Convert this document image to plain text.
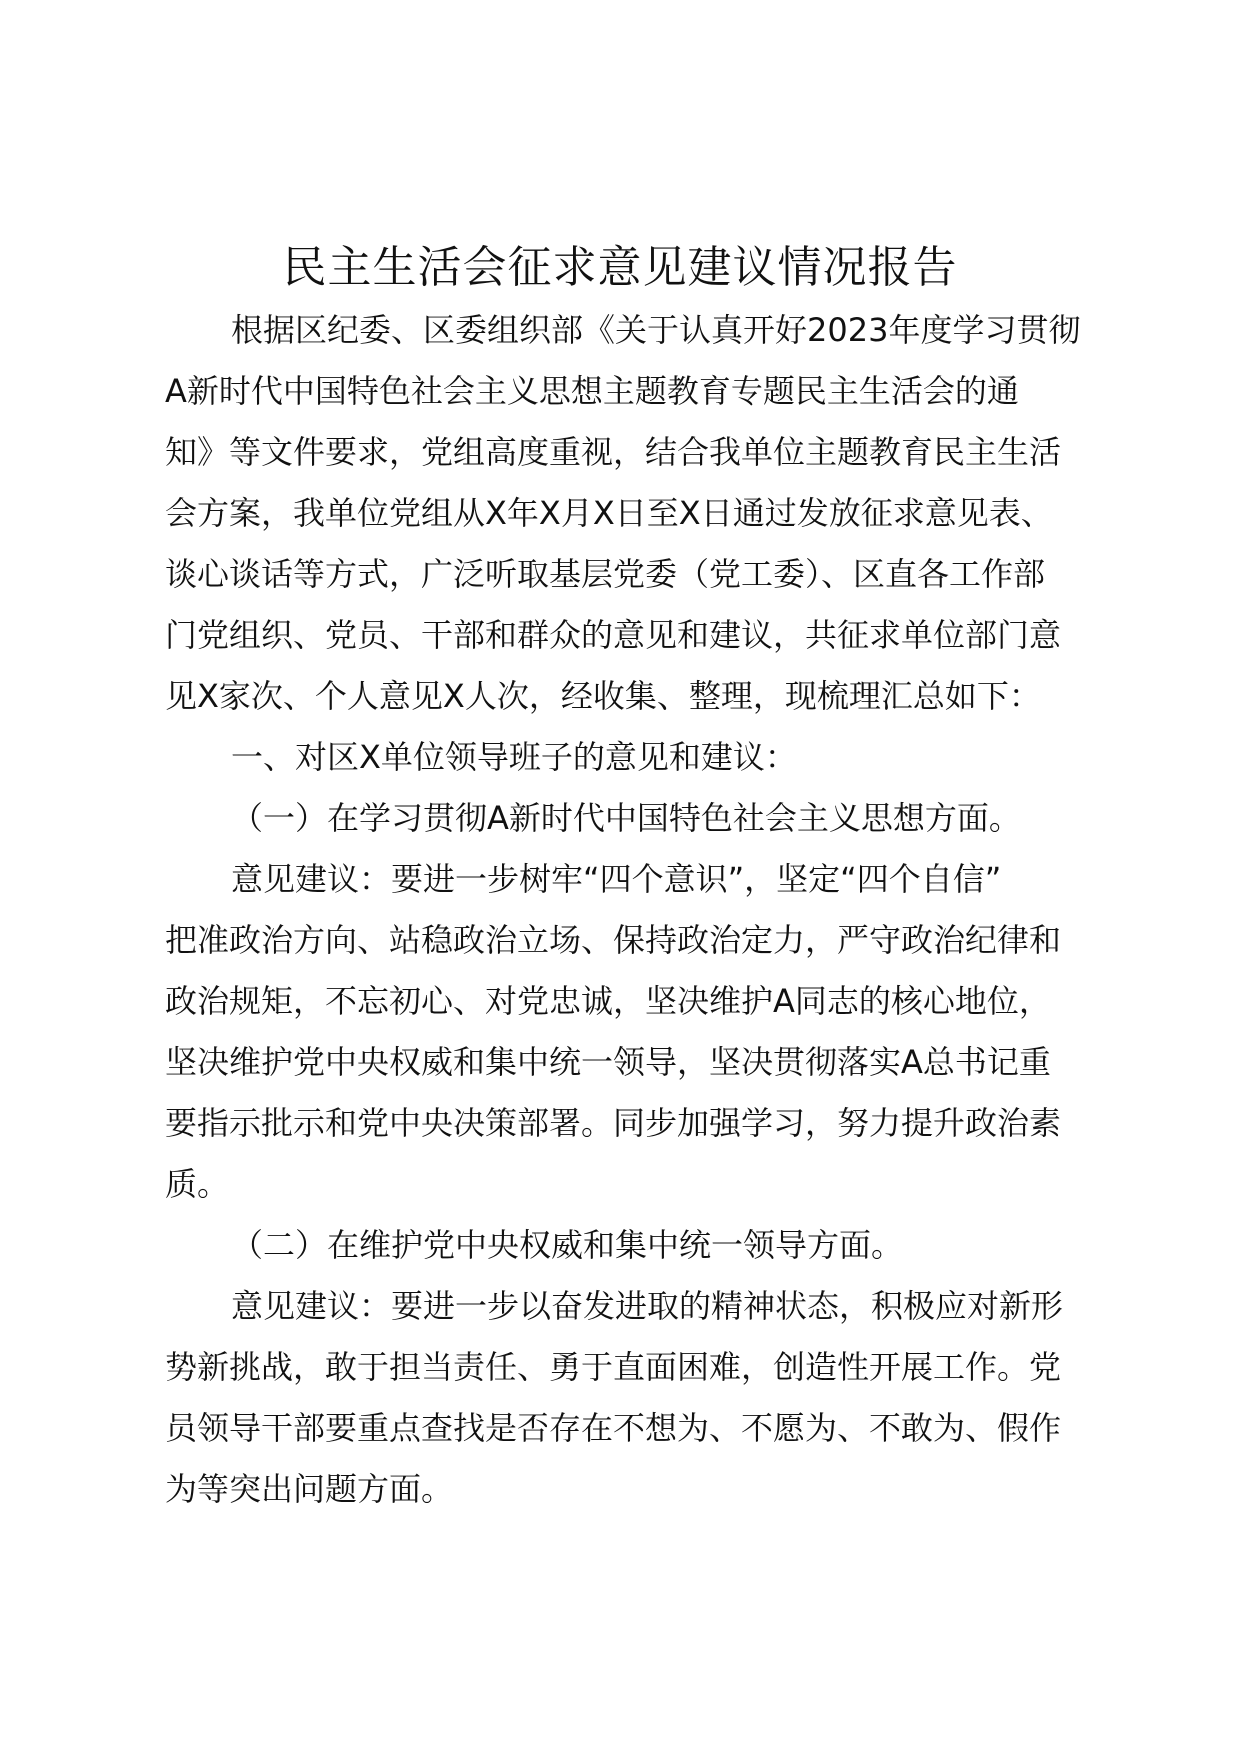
民主生活会征求意见建议情况报告
根据区纪委、区委组织部《关于认真开好2023年度学习贯彻
A新时代中国特色社会主义思想主题教育专题民主生活会的通
知》等文件要求，党组高度重视，结合我单位主题教育民主生活
会方案，我单位党组从X年X月X日至X日通过发放征求意见表、
谈心谈话等方式，广泛听取基层党委（党工委）、区直各工作部
门党组织、党员、干部和群众的意见和建议，共征求单位部门意
见X家次、个人意见X人次，经收集、整理，现梳理汇总如下：
一、对区X单位领导班子的意见和建议：
（一）在学习贯彻A新时代中国特色社会主义思想方面。
意见建议：要进一步树牢“四个意识”，坚定“四个自信”
把准政治方向、站稳政治立场、保持政治定力，严守政治纪律和
政治规矩，不忘初心、对党忠诚，坚决维护A同志的核心地位，
坚决维护党中央权威和集中统一领导，坚决贯彻落实A总书记重
要指示批示和党中央决策部署。同步加强学习，努力提升政治素
质。
（二）在维护党中央权威和集中统一领导方面。
意见建议：要进一步以奋发进取的精神状态，积极应对新形
势新挑战，敢于担当责任、勇于直面困难，创造性开展工作。党
员领导干部要重点查找是否存在不想为、不愿为、不敢为、假作
为等突出问题方面。
